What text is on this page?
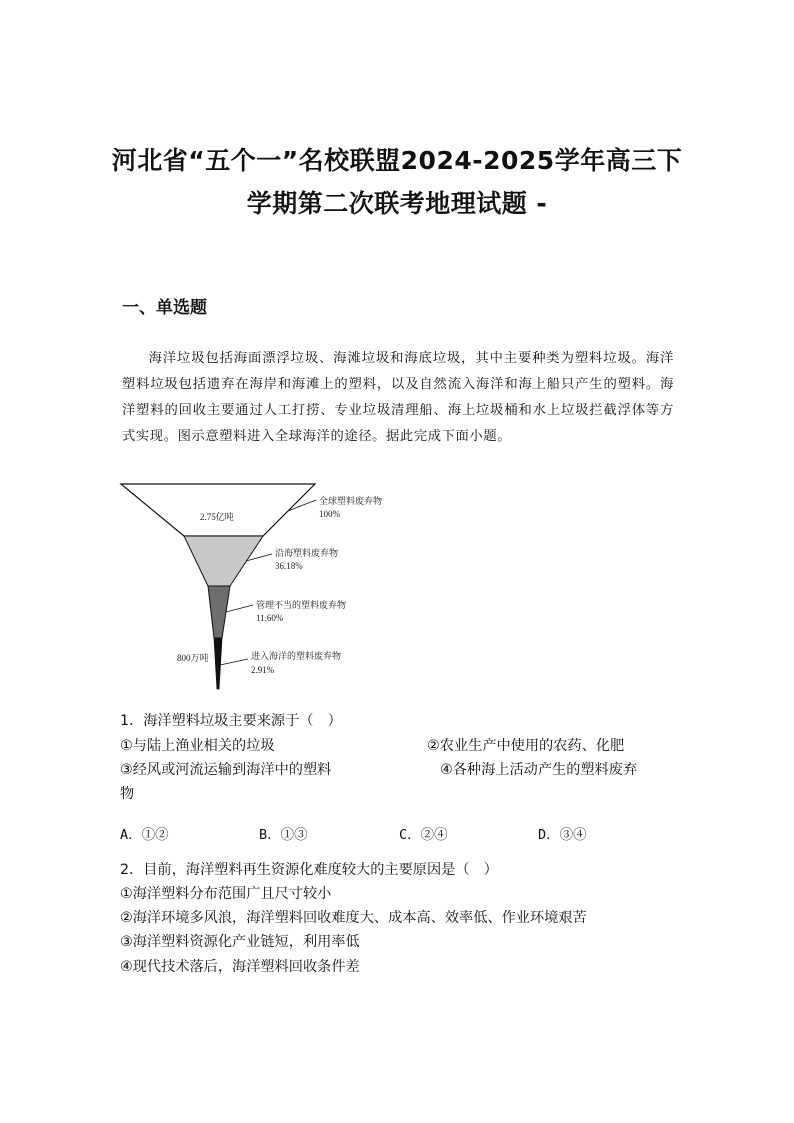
河北省“五个一”名校联盟2024-2025学年高三下
学期第二次联考地理试题 -
一、单选题

海洋垃圾包括海面漂浮垃圾、海滩垃圾和海底垃圾，其中主要种类为塑料垃圾。海洋塑料垃圾包括遗弃在海岸和海滩上的塑料，以及自然流入海洋和海上船只产生的塑料。海洋塑料的回收主要通过人工打捞、专业垃圾清理船、海上垃圾桶和水上垃圾拦截浮体等方式实现。图示意塑料进入全球海洋的途径。据此完成下面小题。

2.75亿吨
800万吨
全球塑料废弃物
100%
沿海塑料废弃物
36.18%
管理不当的塑料废弃物
11.60%
进入海洋的塑料废弃物
2.91%
1．海洋塑料垃圾主要来源于（　）
①与陆上渔业相关的垃圾	②农业生产中使用的农药、化肥
③经风或河流运输到海洋中的塑料	④各种海上活动产生的塑料废弃
物
A．①②	B．①③	C．②④	D．③④
2．目前，海洋塑料再生资源化难度较大的主要原因是（　）
①海洋塑料分布范围广且尺寸较小
②海洋环境多风浪，海洋塑料回收难度大、成本高、效率低、作业环境艰苦
③海洋塑料资源化产业链短，利用率低
④现代技术落后，海洋塑料回收条件差
